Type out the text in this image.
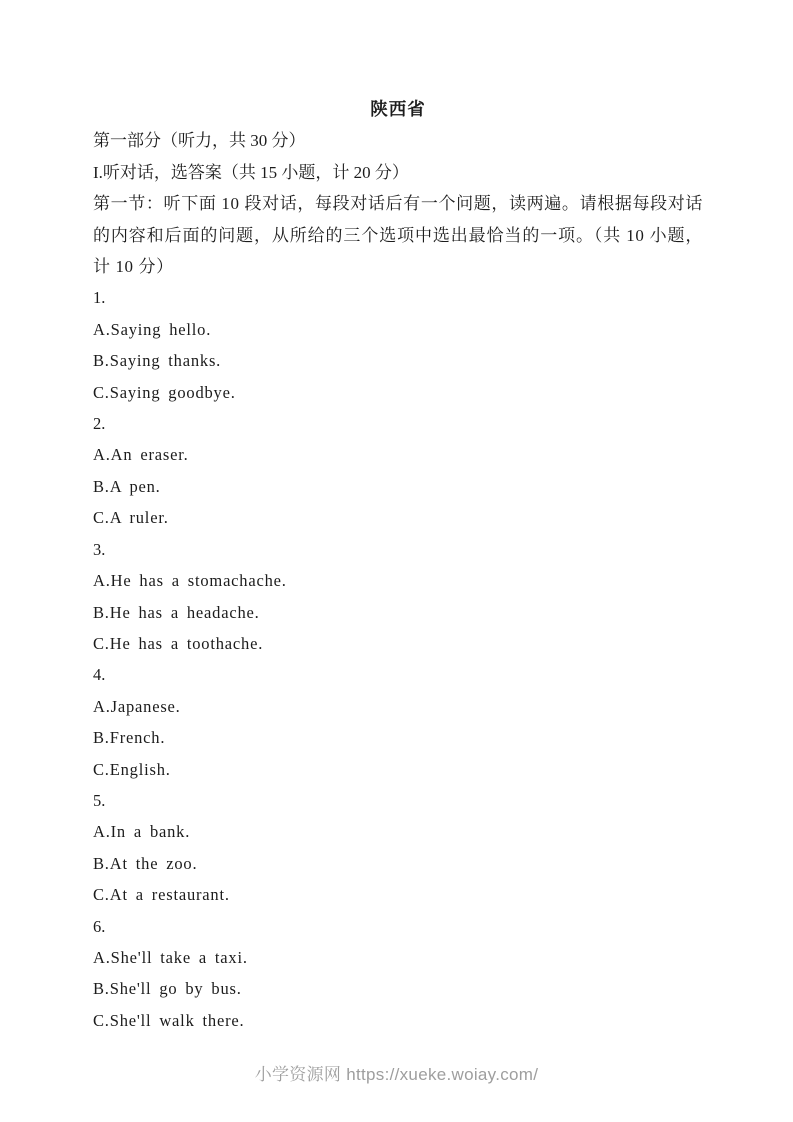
陕西省
第一部分（听力，共 30 分）
I.听对话，选答案（共 15 小题，计 20 分）
第一节：听下面 10 段对话，每段对话后有一个问题，读两遍。请根据每段对话的内容和后面的问题，从所给的三个选项中选出最恰当的一项。（共 10 小题，计 10 分）
1.
A.Saying hello.
B.Saying thanks.
C.Saying goodbye.
2.
A.An eraser.
B.A pen.
C.A ruler.
3.
A.He has a stomachache.
B.He has a headache.
C.He has a toothache.
4.
A.Japanese.
B.French.
C.English.
5.
A.In a bank.
B.At the zoo.
C.At a restaurant.
6.
A.She'll take a taxi.
B.She'll go by bus.
C.She'll walk there.
小学资源网 https://xueke.woiay.com/
